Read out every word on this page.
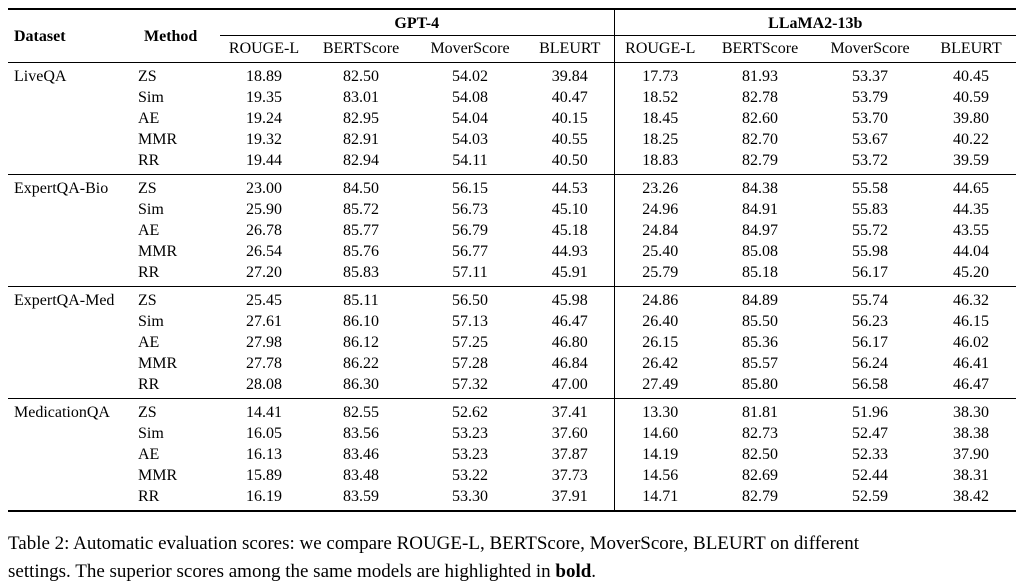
Dataset	Method	GPT-4				LLaMA2-13b			
		ROUGE-L	BERTScore	MoverScore	BLEURT	ROUGE-L	BERTScore	MoverScore	BLEURT
LiveQA	ZS	18.89	82.50	54.02	39.84	17.73	81.93	53.37	40.45
	Sim	19.35	83.01	54.08	40.47	18.52	82.78	53.79	40.59
	AE	19.24	82.95	54.04	40.15	18.45	82.60	53.70	39.80
	MMR	19.32	82.91	54.03	40.55	18.25	82.70	53.67	40.22
	RR	19.44	82.94	54.11	40.50	18.83	82.79	53.72	39.59
ExpertQA-Bio	ZS	23.00	84.50	56.15	44.53	23.26	84.38	55.58	44.65
	Sim	25.90	85.72	56.73	45.10	24.96	84.91	55.83	44.35
	AE	26.78	85.77	56.79	45.18	24.84	84.97	55.72	43.55
	MMR	26.54	85.76	56.77	44.93	25.40	85.08	55.98	44.04
	RR	27.20	85.83	57.11	45.91	25.79	85.18	56.17	45.20
ExpertQA-Med	ZS	25.45	85.11	56.50	45.98	24.86	84.89	55.74	46.32
	Sim	27.61	86.10	57.13	46.47	26.40	85.50	56.23	46.15
	AE	27.98	86.12	57.25	46.80	26.15	85.36	56.17	46.02
	MMR	27.78	86.22	57.28	46.84	26.42	85.57	56.24	46.41
	RR	28.08	86.30	57.32	47.00	27.49	85.80	56.58	46.47
MedicationQA	ZS	14.41	82.55	52.62	37.41	13.30	81.81	51.96	38.30
	Sim	16.05	83.56	53.23	37.60	14.60	82.73	52.47	38.38
	AE	16.13	83.46	53.23	37.87	14.19	82.50	52.33	37.90
	MMR	15.89	83.48	53.22	37.73	14.56	82.69	52.44	38.31
	RR	16.19	83.59	53.30	37.91	14.71	82.79	52.59	38.42

Table 2: Automatic evaluation scores: we compare ROUGE-L, BERTScore, MoverScore, BLEURT on different
settings. The superior scores among the same models are highlighted in bold.
